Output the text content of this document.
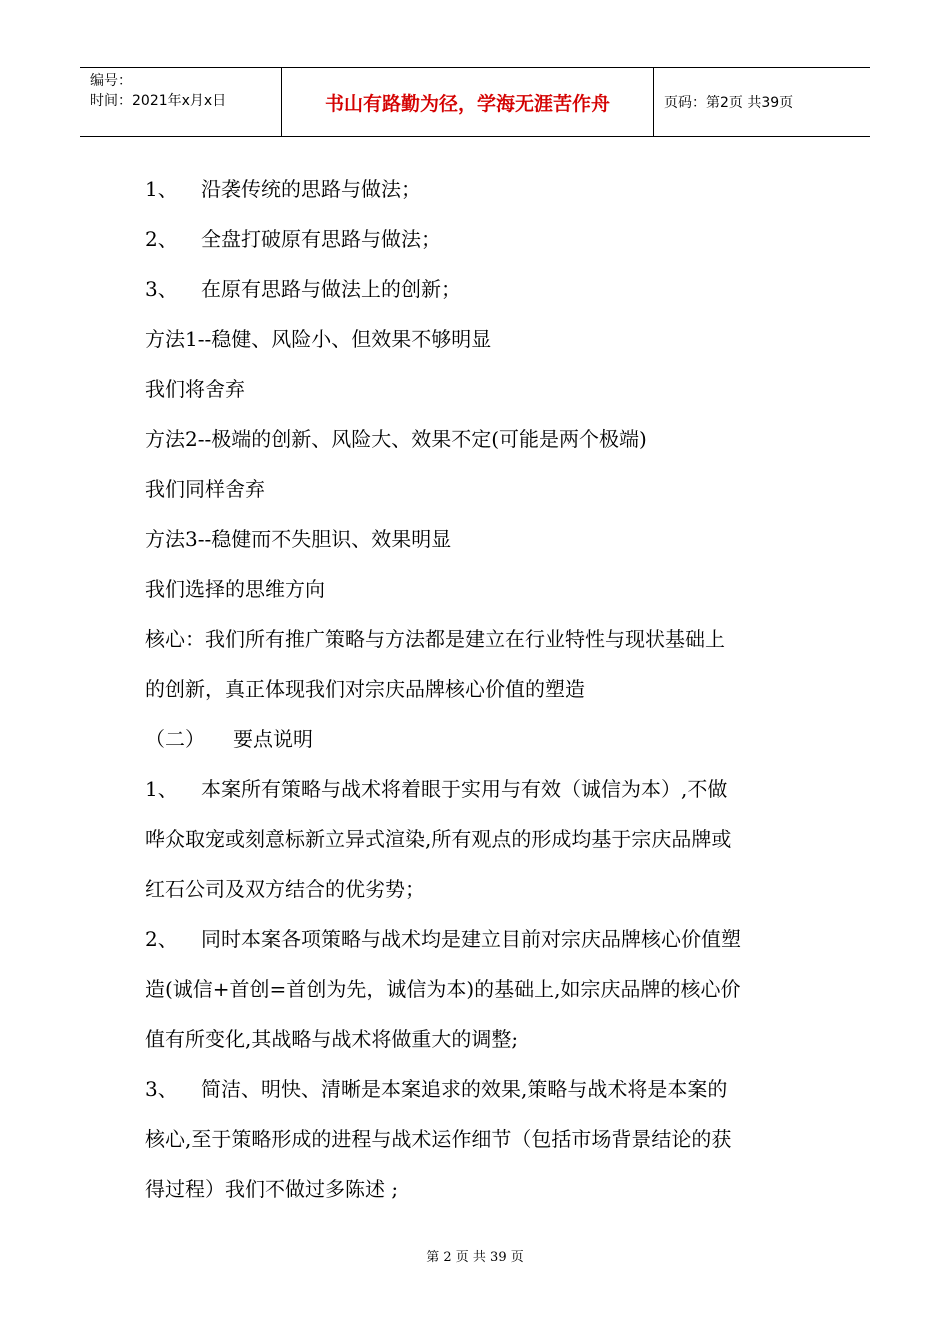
编号：
时间：2021年x月x日	书山有路勤为径，学海无涯苦作舟	页码：第2页 共39页
1、 沿袭传统的思路与做法；
2、 全盘打破原有思路与做法；
3、 在原有思路与做法上的创新；
方法1--稳健、风险小、但效果不够明显
我们将舍弃
方法2--极端的创新、风险大、效果不定(可能是两个极端)
我们同样舍弃
方法3--稳健而不失胆识、效果明显
我们选择的思维方向
核心：我们所有推广策略与方法都是建立在行业特性与现状基础上
的创新，真正体现我们对宗庆品牌核心价值的塑造
（二） 要点说明
1、 本案所有策略与战术将着眼于实用与有效（诚信为本）,不做
哗众取宠或刻意标新立异式渲染,所有观点的形成均基于宗庆品牌或
红石公司及双方结合的优劣势；
2、 同时本案各项策略与战术均是建立目前对宗庆品牌核心价值塑
造(诚信+首创=首创为先，诚信为本)的基础上,如宗庆品牌的核心价
值有所变化,其战略与战术将做重大的调整;
3、 简洁、明快、清晰是本案追求的效果,策略与战术将是本案的
核心,至于策略形成的进程与战术运作细节（包括市场背景结论的获
得过程）我们不做过多陈述 ;
第 2 页 共 39 页
